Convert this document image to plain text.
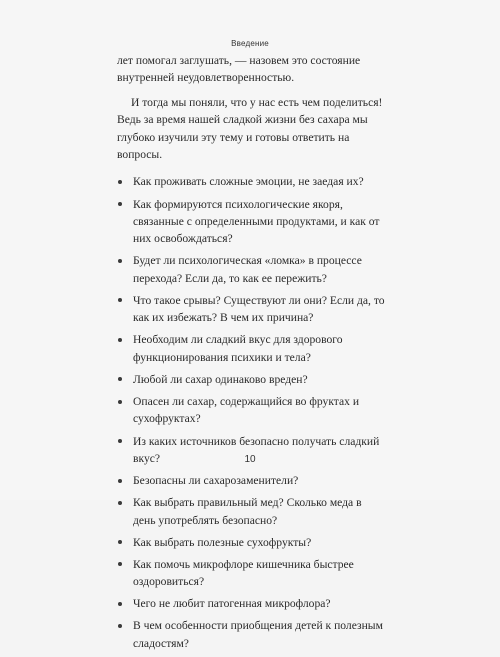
Введение

лет помогал заглушать, — назовем это состояние внутренней неудовлетворенностью.

И тогда мы поняли, что у нас есть чем поделиться! Ведь за время нашей сладкой жизни без сахара мы глубоко изучили эту тему и готовы ответить на вопросы.

Как проживать сложные эмоции, не заедая их?
Как формируются психологические якоря, связанные с определенными продуктами, и как от них освобождаться?
Будет ли психологическая «ломка» в процессе перехода? Если да, то как ее пережить?
Что такое срывы? Существуют ли они? Если да, то как их избежать? В чем их причина?
Необходим ли сладкий вкус для здорового функционирования психики и тела?
Любой ли сахар одинаково вреден?
Опасен ли сахар, содержащийся во фруктах и сухофруктах?
Из каких источников безопасно получать сладкий вкус?
Безопасны ли сахарозаменители?
Как выбрать правильный мед? Сколько меда в день употреблять безопасно?
Как выбрать полезные сухофрукты?
Как помочь микрофлоре кишечника быстрее оздоровиться?
Чего не любит патогенная микрофлора?
В чем особенности приобщения детей к полезным сладостям?
10
